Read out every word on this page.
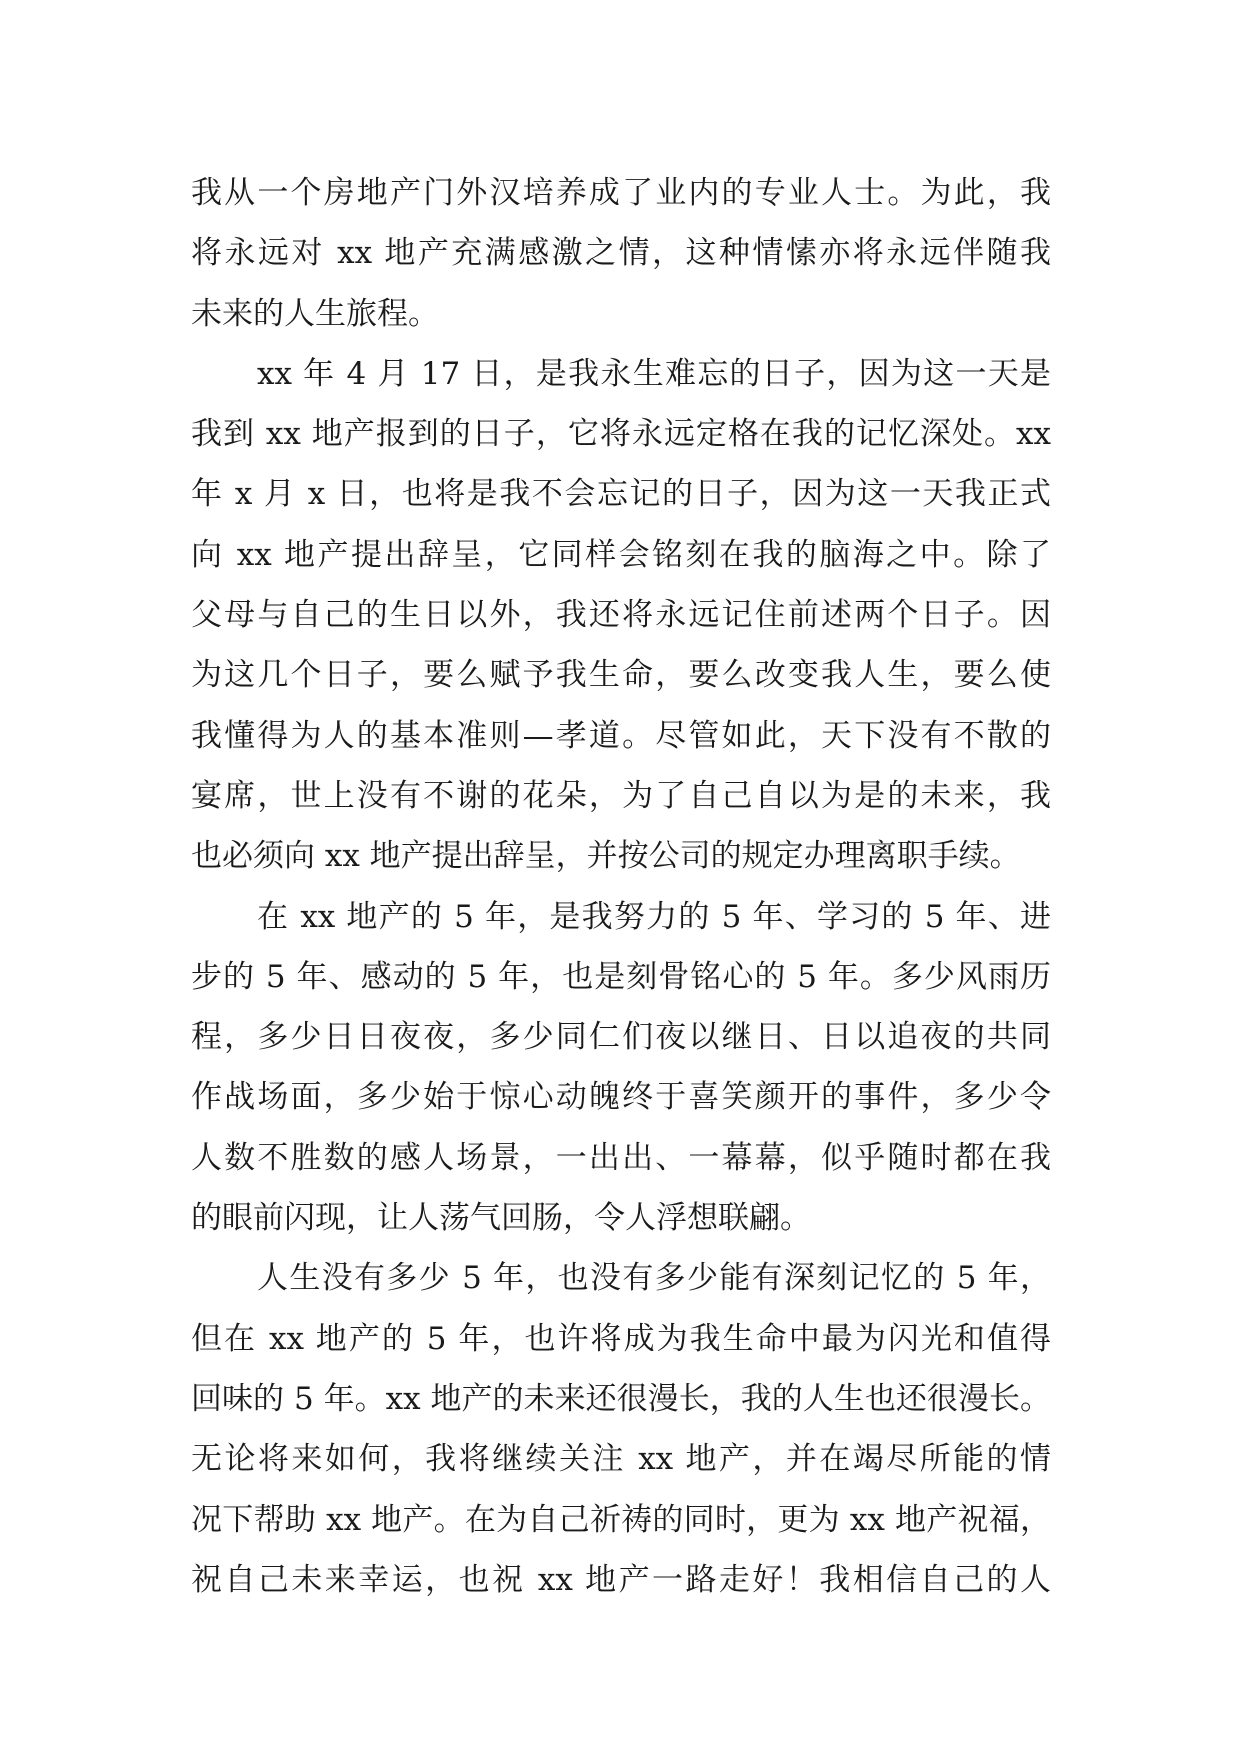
我从一个房地产门外汉培养成了业内的专业人士。为此，我
将永远对 xx 地产充满感激之情，这种情愫亦将永远伴随我
未来的人生旅程。
xx 年 4 月 17 日，是我永生难忘的日子，因为这一天是
我到 xx 地产报到的日子，它将永远定格在我的记忆深处。xx
年 x 月 x 日，也将是我不会忘记的日子，因为这一天我正式
向 xx 地产提出辞呈，它同样会铭刻在我的脑海之中。除了
父母与自己的生日以外，我还将永远记住前述两个日子。因
为这几个日子，要么赋予我生命，要么改变我人生，要么使
我懂得为人的基本准则—孝道。尽管如此，天下没有不散的
宴席，世上没有不谢的花朵，为了自己自以为是的未来，我
也必须向 xx 地产提出辞呈，并按公司的规定办理离职手续。
在 xx 地产的 5 年，是我努力的 5 年、学习的 5 年、进
步的 5 年、感动的 5 年，也是刻骨铭心的 5 年。多少风雨历
程，多少日日夜夜，多少同仁们夜以继日、日以追夜的共同
作战场面，多少始于惊心动魄终于喜笑颜开的事件，多少令
人数不胜数的感人场景，一出出、一幕幕，似乎随时都在我
的眼前闪现，让人荡气回肠，令人浮想联翩。
人生没有多少 5 年，也没有多少能有深刻记忆的 5 年，
但在 xx 地产的 5 年，也许将成为我生命中最为闪光和值得
回味的 5 年。xx 地产的未来还很漫长，我的人生也还很漫长。
无论将来如何，我将继续关注 xx 地产，并在竭尽所能的情
况下帮助 xx 地产。在为自己祈祷的同时，更为 xx 地产祝福，
祝自己未来幸运，也祝 xx 地产一路走好！我相信自己的人
